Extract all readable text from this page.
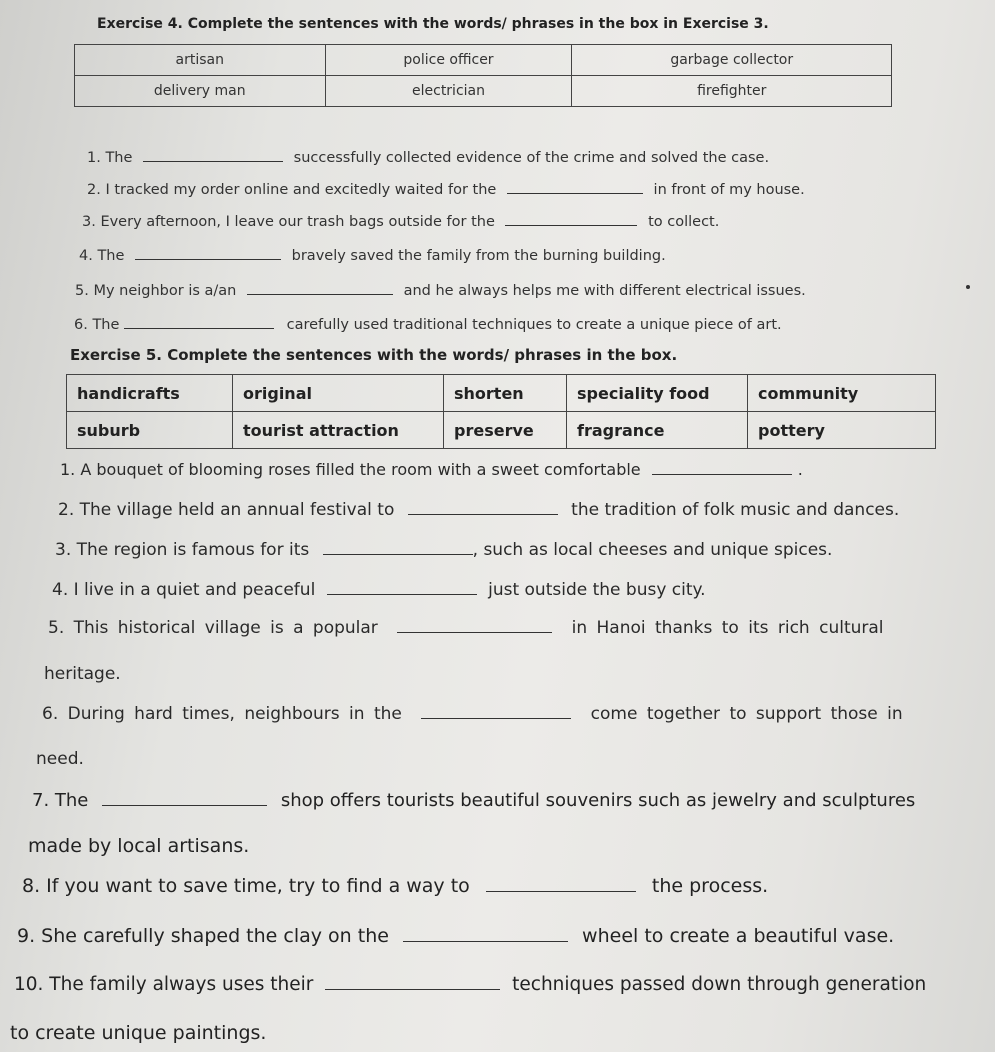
Exercise 4. Complete the sentences with the words/ phrases in the box in Exercise 3.
artisan	police officer	garbage collector
delivery man	electrician	firefighter
1. The	successfully collected evidence of the crime and solved the case.
2. I tracked my order online and excitedly waited for the	in front of my house.
3. Every afternoon, I leave our trash bags outside for the	to collect.
4. The	bravely saved the family from the burning building.
5. My neighbor is a/an	and he always helps me with different electrical issues.
6. The	carefully used traditional techniques to create a unique piece of art.
Exercise 5. Complete the sentences with the words/ phrases in the box.
handicrafts	original	shorten	speciality food	community
suburb	tourist attraction	preserve	fragrance	pottery
1. A bouquet of blooming roses filled the room with a sweet comfortable	.
2. The village held an annual festival to	the tradition of folk music and dances.
3. The region is famous for its	, such as local cheeses and unique spices.
4. I live in a quiet and peaceful	just outside the busy city.
5. This historical village is a popular	in Hanoi thanks to its rich cultural
heritage.
6. During hard times, neighbours in the	come together to support those in
need.
7. The	shop offers tourists beautiful souvenirs such as jewelry and sculptures
made by local artisans.
8. If you want to save time, try to find a way to	the process.
9. She carefully shaped the clay on the	wheel to create a beautiful vase.
10. The family always uses their	techniques passed down through generation
to create unique paintings.
